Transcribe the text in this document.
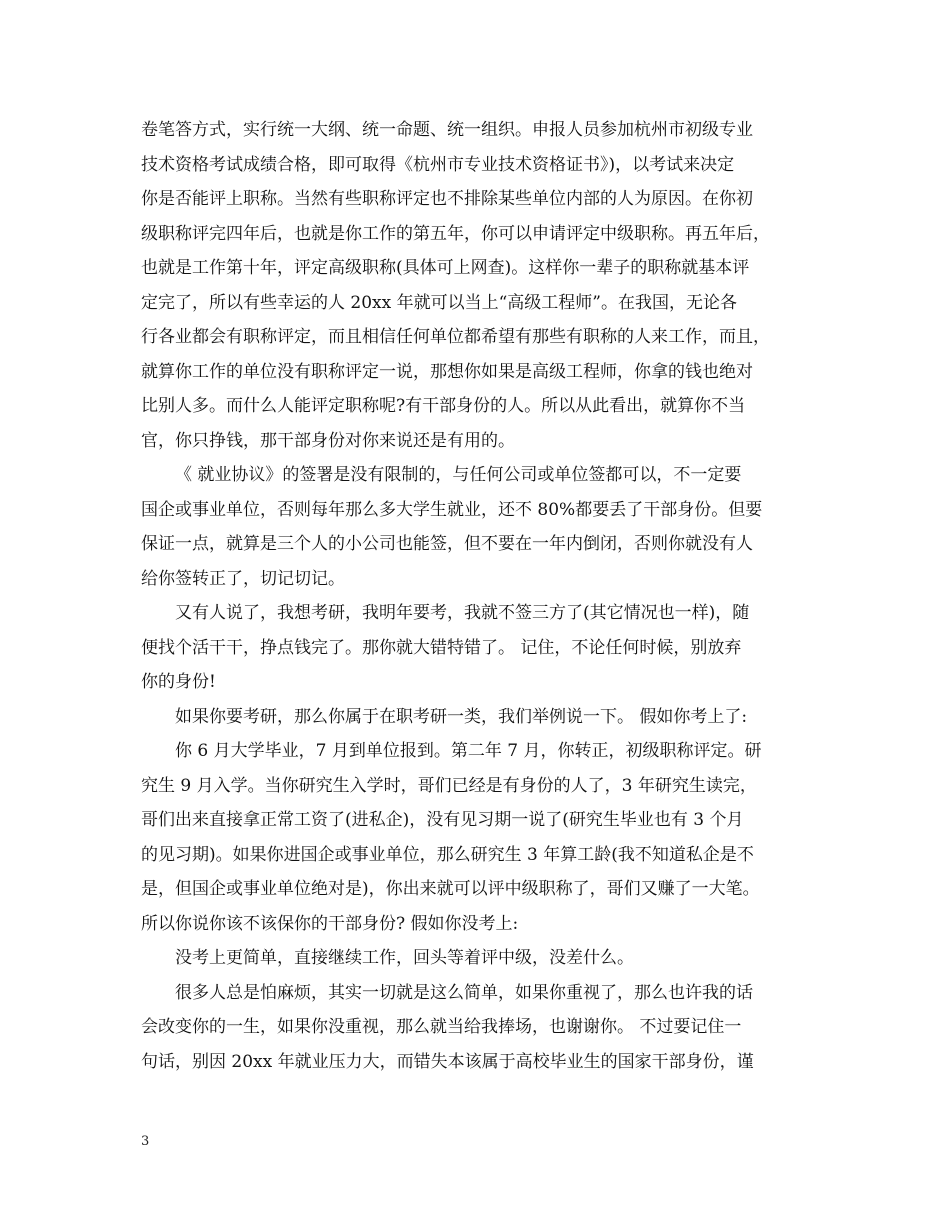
卷笔答方式，实行统一大纲、统一命题、统一组织。申报人员参加杭州市初级专业
技术资格考试成绩合格，即可取得《杭州市专业技术资格证书》)，以考试来决定
你是否能评上职称。当然有些职称评定也不排除某些单位内部的人为原因。在你初
级职称评完四年后，也就是你工作的第五年，你可以申请评定中级职称。再五年后，
也就是工作第十年，评定高级职称(具体可上网查)。这样你一辈子的职称就基本评
定完了，所以有些幸运的人 20xx 年就可以当上“高级工程师”。在我国，无论各
行各业都会有职称评定，而且相信任何单位都希望有那些有职称的人来工作，而且，
就算你工作的单位没有职称评定一说，那想你如果是高级工程师，你拿的钱也绝对
比别人多。而什么人能评定职称呢?有干部身份的人。所以从此看出，就算你不当
官，你只挣钱，那干部身份对你来说还是有用的。
《 就业协议》的签署是没有限制的，与任何公司或单位签都可以，不一定要
国企或事业单位，否则每年那么多大学生就业，还不 80%都要丢了干部身份。但要
保证一点，就算是三个人的小公司也能签，但不要在一年内倒闭，否则你就没有人
给你签转正了，切记切记。
又有人说了，我想考研，我明年要考，我就不签三方了(其它情况也一样)，随
便找个活干干，挣点钱完了。那你就大错特错了。 记住，不论任何时候，别放弃
你的身份!
如果你要考研，那么你属于在职考研一类，我们举例说一下。 假如你考上了:
你 6 月大学毕业，7 月到单位报到。第二年 7 月，你转正，初级职称评定。研
究生 9 月入学。当你研究生入学时，哥们已经是有身份的人了，3 年研究生读完，
哥们出来直接拿正常工资了(进私企)，没有见习期一说了(研究生毕业也有 3 个月
的见习期)。如果你进国企或事业单位，那么研究生 3 年算工龄(我不知道私企是不
是，但国企或事业单位绝对是)，你出来就可以评中级职称了，哥们又赚了一大笔。
所以你说你该不该保你的干部身份? 假如你没考上:
没考上更简单，直接继续工作，回头等着评中级，没差什么。
很多人总是怕麻烦，其实一切就是这么简单，如果你重视了，那么也许我的话
会改变你的一生，如果你没重视，那么就当给我捧场，也谢谢你。 不过要记住一
句话，别因 20xx 年就业压力大，而错失本该属于高校毕业生的国家干部身份，谨
3
